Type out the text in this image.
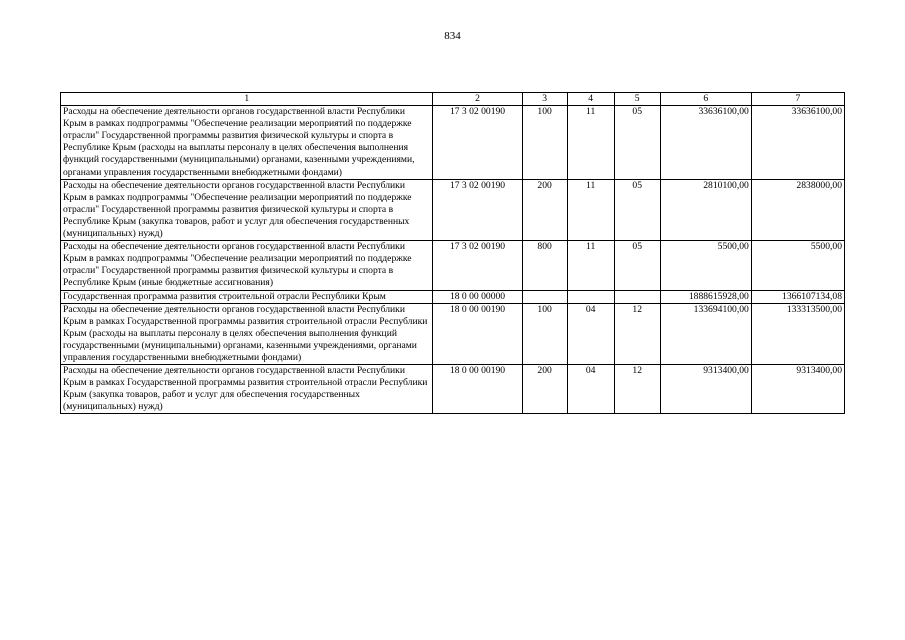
834
1	2	3	4	5	6	7
Расходы на обеспечение деятельности органов государственной власти Республики Крым в рамках подпрограммы "Обеспечение реализации мероприятий по поддержке отрасли" Государственной программы развития физической культуры и спорта в Республике Крым (расходы на выплаты персоналу в целях обеспечения выполнения функций государственными (муниципальными) органами, казенными учреждениями, органами управления государственными внебюджетными фондами)	17 3 02 00190	100	11	05	33636100,00	33636100,00
Расходы на обеспечение деятельности органов государственной власти Республики Крым в рамках подпрограммы "Обеспечение реализации мероприятий по поддержке отрасли" Государственной программы развития физической культуры и спорта в Республике Крым (закупка товаров, работ и услуг для обеспечения государственных (муниципальных) нужд)	17 3 02 00190	200	11	05	2810100,00	2838000,00
Расходы на обеспечение деятельности органов государственной власти Республики Крым в рамках подпрограммы "Обеспечение реализации мероприятий по поддержке отрасли" Государственной программы развития физической культуры и спорта в Республике Крым (иные бюджетные ассигнования)	17 3 02 00190	800	11	05	5500,00	5500,00
Государственная программа развития строительной отрасли Республики Крым	18 0 00 00000				1888615928,00	1366107134,08
Расходы на обеспечение деятельности органов государственной власти Республики Крым в рамках Государственной программы развития строительной отрасли Республики Крым (расходы на выплаты персоналу в целях обеспечения выполнения функций государственными (муниципальными) органами, казенными учреждениями, органами управления государственными внебюджетными фондами)	18 0 00 00190	100	04	12	133694100,00	133313500,00
Расходы на обеспечение деятельности органов государственной власти Республики Крым в рамках Государственной программы развития строительной отрасли Республики Крым (закупка товаров, работ и услуг для обеспечения государственных (муниципальных) нужд)	18 0 00 00190	200	04	12	9313400,00	9313400,00
